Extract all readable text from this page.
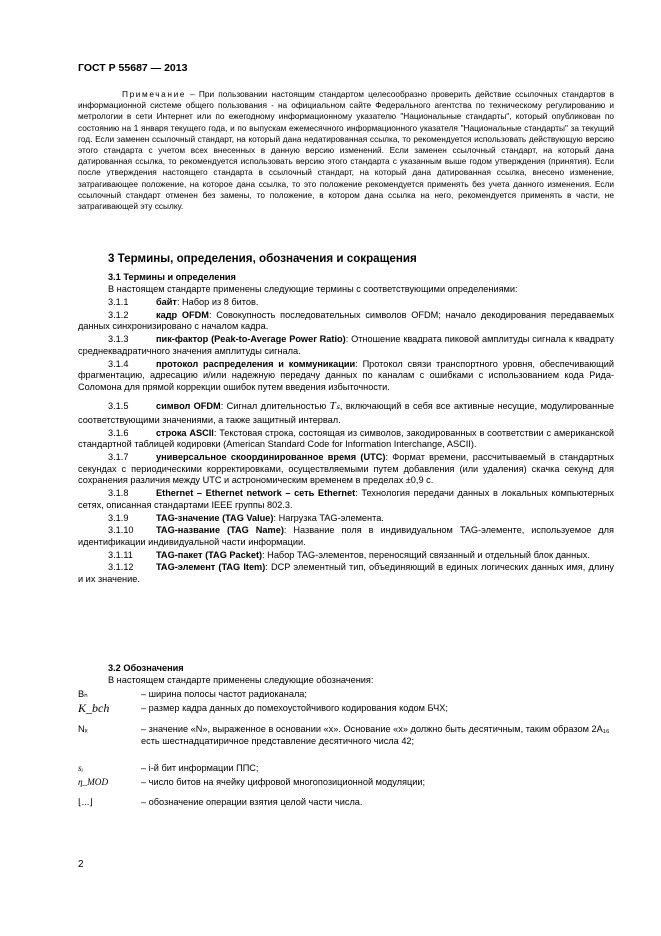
ГОСТ Р 55687 — 2013
Примечание – При пользовании настоящим стандартом целесообразно проверить действие ссылочных стандартов в информационной системе общего пользования - на официальном сайте Федерального агентства по техническому регулированию и метрологии в сети Интернет или по ежегодному информационному указателю "Национальные стандарты", который опубликован по состоянию на 1 января текущего года, и по выпускам ежемесячного информационного указателя "Национальные стандарты" за текущий год. Если заменен ссылочный стандарт, на который дана недатированная ссылка, то рекомендуется использовать действующую версию этого стандарта с учетом всех внесенных в данную версию изменений. Если заменен ссылочный стандарт, на который дана датированная ссылка, то рекомендуется использовать версию этого стандарта с указанным выше годом утверждения (принятия). Если после утверждения настоящего стандарта в ссылочный стандарт, на который дана датированная ссылка, внесено изменение, затрагивающее положение, на которое дана ссылка, то это положение рекомендуется применять без учета данного изменения. Если ссылочный стандарт отменен без замены, то положение, в котором дана ссылка на него, рекомендуется применять в части, не затрагивающей эту ссылку.
3 Термины, определения, обозначения и сокращения
3.1 Термины и определения
В настоящем стандарте применены следующие термины с соответствующими определениями:
3.1.1	байт: Набор из 8 битов.
3.1.2	кадр OFDM: Совокупность последовательных символов OFDM; начало декодирования передаваемых данных синхронизировано с началом кадра.
3.1.3	пик-фактор (Peak-to-Average Power Ratio): Отношение квадрата пиковой амплитуды сигнала к квадрату среднеквадратичного значения амплитуды сигнала.
3.1.4	протокол распределения и коммуникации: Протокол связи транспортного уровня, обеспечивающий фрагментацию, адресацию и/или надежную передачу данных по каналам с ошибками с использованием кода Рида-Соломона для прямой коррекции ошибок путем введения избыточности.
3.1.5	символ OFDM: Сигнал длительностью Tₛ, включающий в себя все активные несущие, модулированные соответствующими значениями, а также защитный интервал.
3.1.6	строка ASCII: Текстовая строка, состоящая из символов, закодированных в соответствии с американской стандартной таблицей кодировки (American Standard Code for Information Interchange, ASCII).
3.1.7	универсальное скоординированное время (UTC): Формат времени, рассчитываемый в стандартных секундах с периодическими корректировками, осуществляемыми путем добавления (или удаления) скачка секунд для сохранения различия между UTC и астрономическим временем в пределах ±0,9 с.
3.1.8	Ethernet – Ethernet network – сеть Ethernet: Технология передачи данных в локальных компьютерных сетях, описанная стандартами IEEE группы 802.3.
3.1.9	TAG-значение (TAG Value): Нагрузка TAG-элемента.
3.1.10 TAG-название (TAG Name): Название поля в индивидуальном TAG-элементе, используемое для идентификации индивидуальной части информации.
3.1.11	TAG-пакет (TAG Packet): Набор TAG-элементов, переносящий связанный и отдельный блок данных.
3.1.12 TAG-элемент (TAG Item): DCP элементный тип, объединяющий в единых логических данных имя, длину и их значение.
3.2 Обозначения
В настоящем стандарте применены следующие обозначения:
Bₙ	– ширина полосы частот радиоканала;
K_bch	– размер кадра данных до помехоустойчивого кодирования кодом БЧХ;
Nₓ	– значение «N», выраженное в основании «x». Основание «x» должно быть десятичным, таким образом 2A₁₆ есть шестнадцатиричное представление десятичного числа 42;
sᵢ	– i-й бит информации ППС;
η_MOD	– число битов на ячейку цифровой многопозиционной модуляции;
⌊...⌋	– обозначение операции взятия целой части числа.
2
